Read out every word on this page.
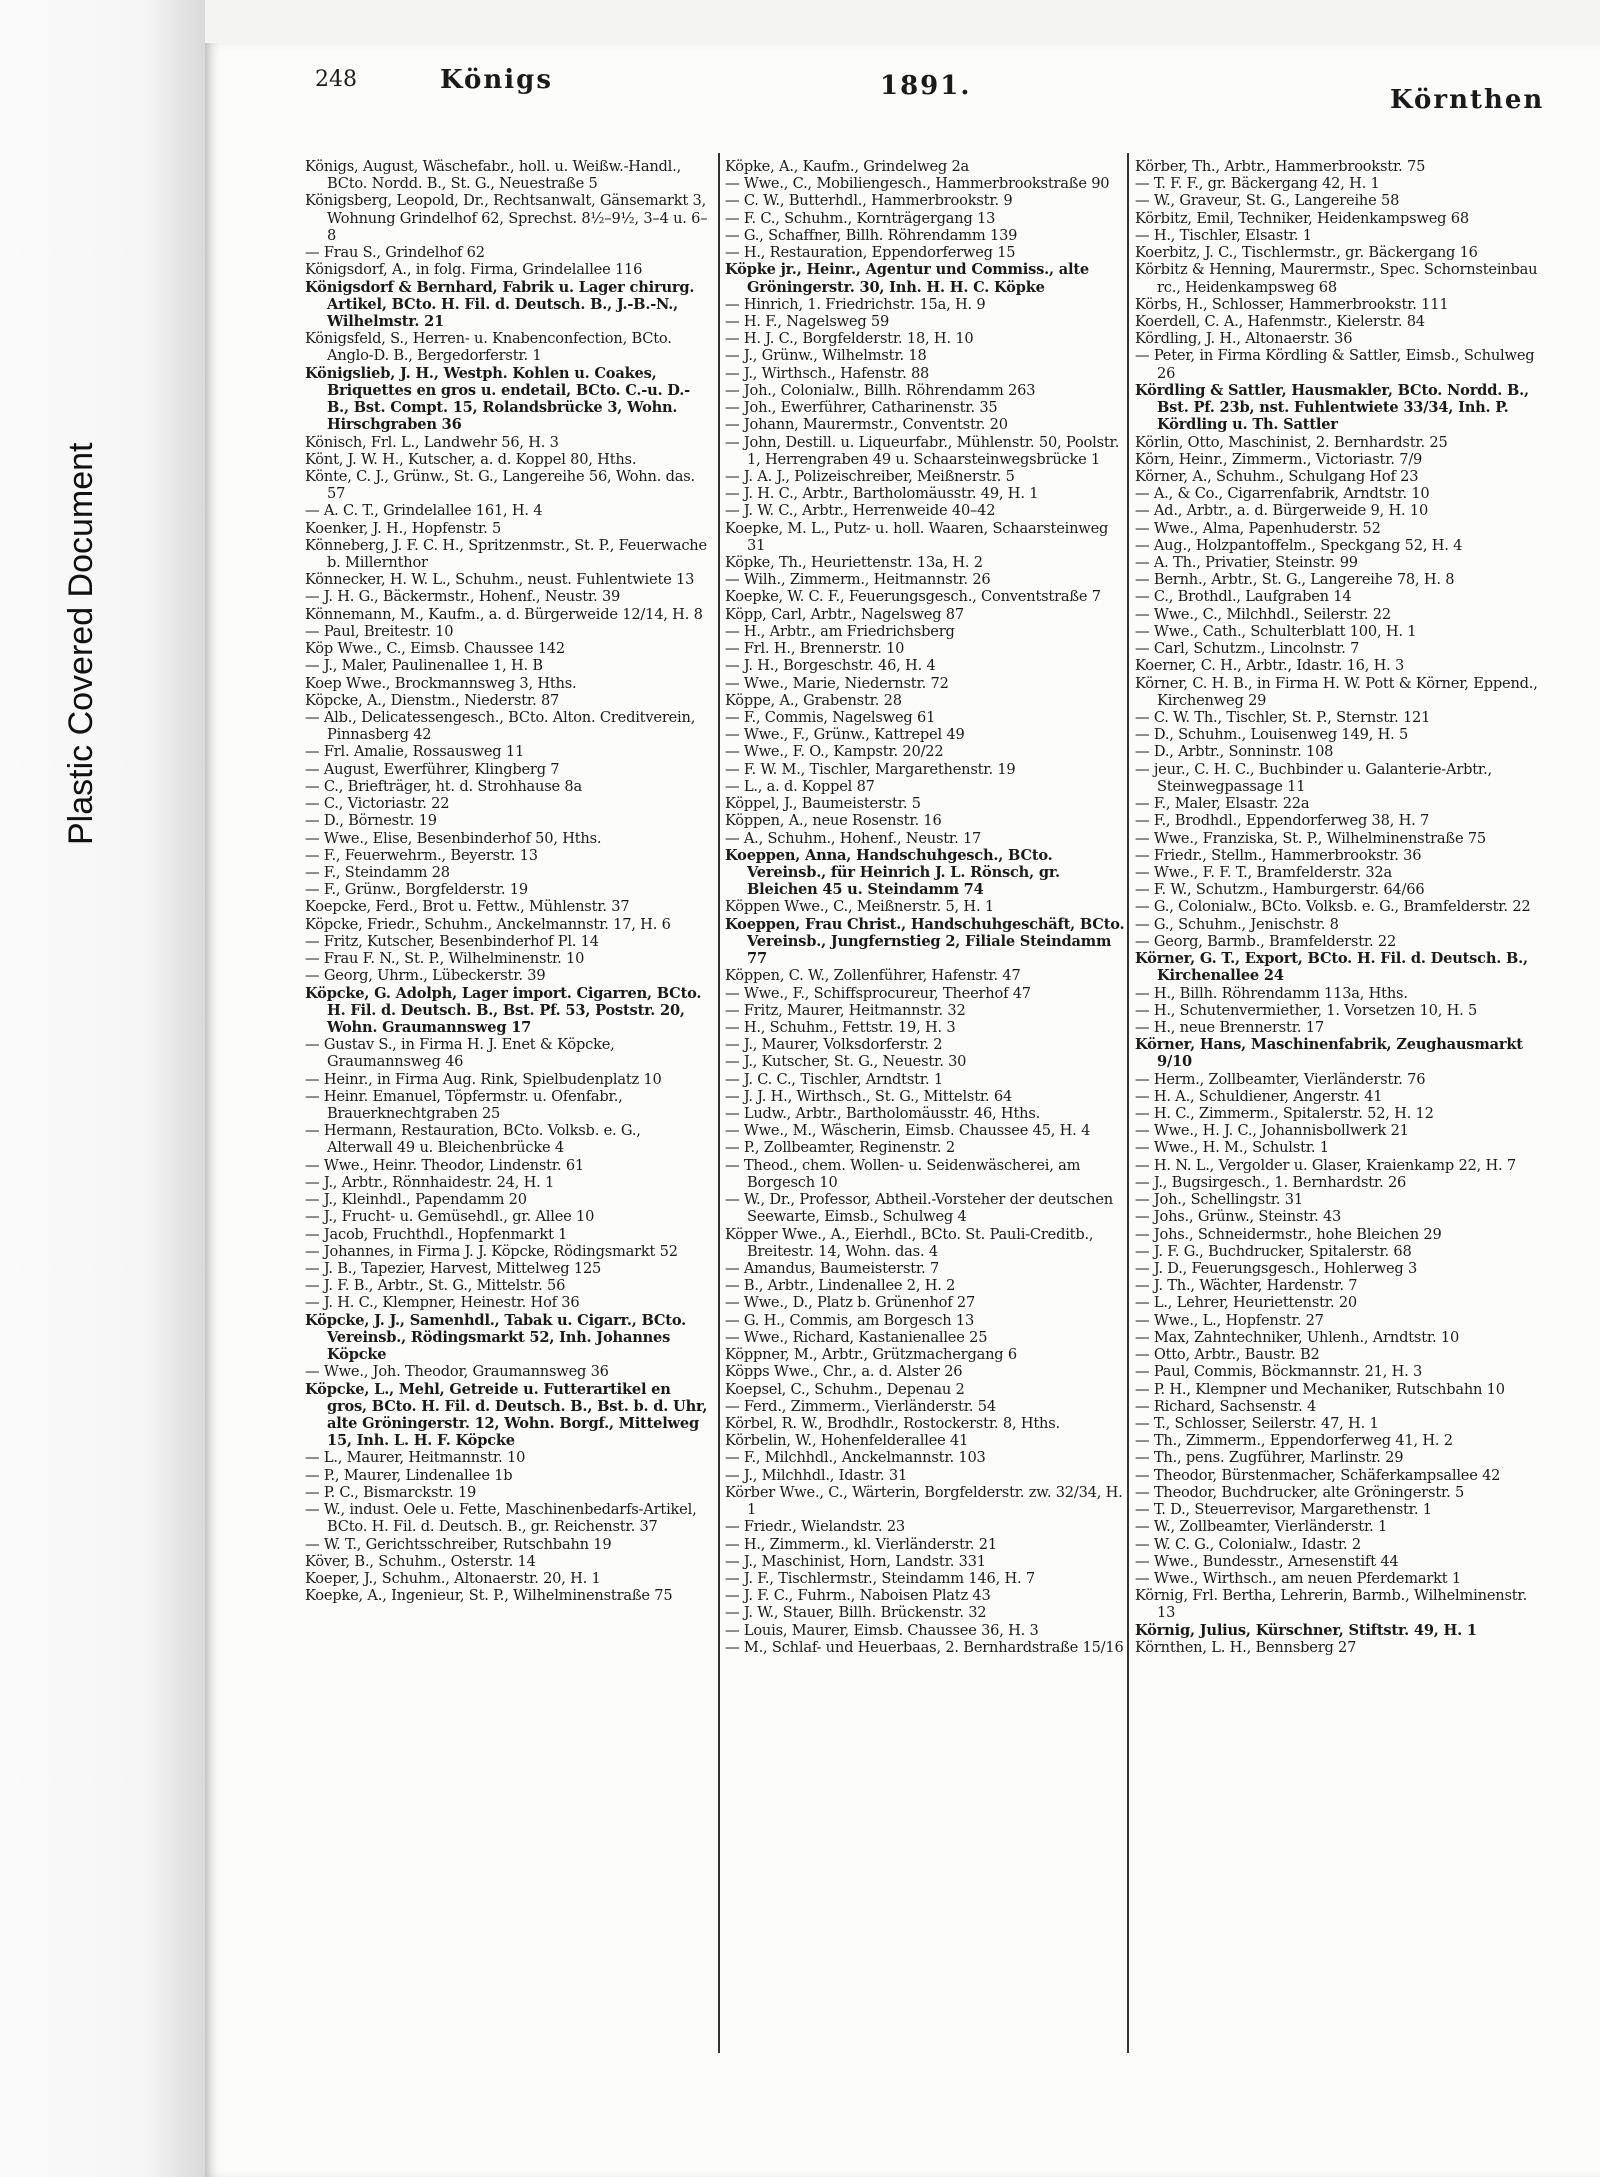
Plastic Covered Document
248	Königs	1891.	Körnthen

Königs, August, Wäschefabr., holl. u. Weißw.-Handl., BCto. Nordd. B., St. G., Neuestraße 5

Königsberg, Leopold, Dr., Rechtsanwalt, Gänsemarkt 3, Wohnung Grindelhof 62, Sprechst. 8½–9½, 3–4 u. 6–8

— Frau S., Grindelhof 62

Königsdorf, A., in folg. Firma, Grindelallee 116

Königsdorf & Bernhard, Fabrik u. Lager chirurg. Artikel, BCto. H. Fil. d. Deutsch. B., J.-B.-N., Wilhelmstr. 21

Königsfeld, S., Herren- u. Knabenconfection, BCto. Anglo-D. B., Bergedorferstr. 1

Königslieb, J. H., Westph. Kohlen u. Coakes, Briquettes en gros u. endetail, BCto. C.-u. D.-B., Bst. Compt. 15, Rolandsbrücke 3, Wohn. Hirschgraben 36

Könisch, Frl. L., Landwehr 56, H. 3

Könt, J. W. H., Kutscher, a. d. Koppel 80, Hths.

Könte, C. J., Grünw., St. G., Langereihe 56, Wohn. das. 57

— A. C. T., Grindelallee 161, H. 4

Koenker, J. H., Hopfenstr. 5

Könneberg, J. F. C. H., Spritzenmstr., St. P., Feuerwache b. Millernthor

Könnecker, H. W. L., Schuhm., neust. Fuhlentwiete 13

— J. H. G., Bäckermstr., Hohenf., Neustr. 39

Könnemann, M., Kaufm., a. d. Bürgerweide 12/14, H. 8

— Paul, Breitestr. 10

Köp Wwe., C., Eimsb. Chaussee 142

— J., Maler, Paulinenallee 1, H. B

Koep Wwe., Brockmannsweg 3, Hths.

Köpcke, A., Dienstm., Niederstr. 87

— Alb., Delicatessengesch., BCto. Alton. Creditverein, Pinnasberg 42

— Frl. Amalie, Rossausweg 11

— August, Ewerführer, Klingberg 7

— C., Briefträger, ht. d. Strohhause 8a

— C., Victoriastr. 22

— D., Börnestr. 19

— Wwe., Elise, Besenbinderhof 50, Hths.

— F., Feuerwehrm., Beyerstr. 13

— F., Steindamm 28

— F., Grünw., Borgfelderstr. 19

Koepcke, Ferd., Brot u. Fettw., Mühlenstr. 37

Köpcke, Friedr., Schuhm., Anckelmannstr. 17, H. 6

— Fritz, Kutscher, Besenbinderhof Pl. 14

— Frau F. N., St. P., Wilhelminenstr. 10

— Georg, Uhrm., Lübeckerstr. 39

Köpcke, G. Adolph, Lager import. Cigarren, BCto. H. Fil. d. Deutsch. B., Bst. Pf. 53, Poststr. 20, Wohn. Graumannsweg 17

— Gustav S., in Firma H. J. Enet & Köpcke, Graumannsweg 46

— Heinr., in Firma Aug. Rink, Spielbudenplatz 10

— Heinr. Emanuel, Töpfermstr. u. Ofenfabr., Brauerknechtgraben 25

— Hermann, Restauration, BCto. Volksb. e. G., Alterwall 49 u. Bleichenbrücke 4

— Wwe., Heinr. Theodor, Lindenstr. 61

— J., Arbtr., Rönnhaidestr. 24, H. 1

— J., Kleinhdl., Papendamm 20

— J., Frucht- u. Gemüsehdl., gr. Allee 10

— Jacob, Fruchthdl., Hopfenmarkt 1

— Johannes, in Firma J. J. Köpcke, Rödingsmarkt 52

— J. B., Tapezier, Harvest, Mittelweg 125

— J. F. B., Arbtr., St. G., Mittelstr. 56

— J. H. C., Klempner, Heinestr. Hof 36

Köpcke, J. J., Samenhdl., Tabak u. Cigarr., BCto. Vereinsb., Rödingsmarkt 52, Inh. Johannes Köpcke

— Wwe., Joh. Theodor, Graumannsweg 36

Köpcke, L., Mehl, Getreide u. Futterartikel en gros, BCto. H. Fil. d. Deutsch. B., Bst. b. d. Uhr, alte Gröningerstr. 12, Wohn. Borgf., Mittelweg 15, Inh. L. H. F. Köpcke

— L., Maurer, Heitmannstr. 10

— P., Maurer, Lindenallee 1b

— P. C., Bismarckstr. 19

— W., indust. Oele u. Fette, Maschinenbedarfs-Artikel, BCto. H. Fil. d. Deutsch. B., gr. Reichenstr. 37

— W. T., Gerichtsschreiber, Rutschbahn 19

Köver, B., Schuhm., Osterstr. 14

Koeper, J., Schuhm., Altonaerstr. 20, H. 1

Koepke, A., Ingenieur, St. P., Wilhelminenstraße 75

Köpke, A., Kaufm., Grindelweg 2a

— Wwe., C., Mobiliengesch., Hammerbrookstraße 90

— C. W., Butterhdl., Hammerbrookstr. 9

— F. C., Schuhm., Kornträgergang 13

— G., Schaffner, Billh. Röhrendamm 139

— H., Restauration, Eppendorferweg 15

Köpke jr., Heinr., Agentur und Commiss., alte Gröningerstr. 30, Inh. H. H. C. Köpke

— Hinrich, 1. Friedrichstr. 15a, H. 9

— H. F., Nagelsweg 59

— H. J. C., Borgfelderstr. 18, H. 10

— J., Grünw., Wilhelmstr. 18

— J., Wirthsch., Hafenstr. 88

— Joh., Colonialw., Billh. Röhrendamm 263

— Joh., Ewerführer, Catharinenstr. 35

— Johann, Maurermstr., Conventstr. 20

— John, Destill. u. Liqueurfabr., Mühlenstr. 50, Poolstr. 1, Herrengraben 49 u. Schaarsteinwegsbrücke 1

— J. A. J., Polizeischreiber, Meißnerstr. 5

— J. H. C., Arbtr., Bartholomäusstr. 49, H. 1

— J. W. C., Arbtr., Herrenweide 40–42

Koepke, M. L., Putz- u. holl. Waaren, Schaarsteinweg 31

Köpke, Th., Heuriettenstr. 13a, H. 2

— Wilh., Zimmerm., Heitmannstr. 26

Koepke, W. C. F., Feuerungsgesch., Conventstraße 7

Köpp, Carl, Arbtr., Nagelsweg 87

— H., Arbtr., am Friedrichsberg

— Frl. H., Brennerstr. 10

— J. H., Borgeschstr. 46, H. 4

— Wwe., Marie, Niedernstr. 72

Köppe, A., Grabenstr. 28

— F., Commis, Nagelsweg 61

— Wwe., F., Grünw., Kattrepel 49

— Wwe., F. O., Kampstr. 20/22

— F. W. M., Tischler, Margarethenstr. 19

— L., a. d. Koppel 87

Köppel, J., Baumeisterstr. 5

Köppen, A., neue Rosenstr. 16

— A., Schuhm., Hohenf., Neustr. 17

Koeppen, Anna, Handschuhgesch., BCto. Vereinsb., für Heinrich J. L. Rönsch, gr. Bleichen 45 u. Steindamm 74

Köppen Wwe., C., Meißnerstr. 5, H. 1

Koeppen, Frau Christ., Handschuhgeschäft, BCto. Vereinsb., Jungfernstieg 2, Filiale Steindamm 77

Köppen, C. W., Zollenführer, Hafenstr. 47

— Wwe., F., Schiffsprocureur, Theerhof 47

— Fritz, Maurer, Heitmannstr. 32

— H., Schuhm., Fettstr. 19, H. 3

— J., Maurer, Volksdorferstr. 2

— J., Kutscher, St. G., Neuestr. 30

— J. C. C., Tischler, Arndtstr. 1

— J. J. H., Wirthsch., St. G., Mittelstr. 64

— Ludw., Arbtr., Bartholomäusstr. 46, Hths.

— Wwe., M., Wäscherin, Eimsb. Chaussee 45, H. 4

— P., Zollbeamter, Reginenstr. 2

— Theod., chem. Wollen- u. Seidenwäscherei, am Borgesch 10

— W., Dr., Professor, Abtheil.-Vorsteher der deutschen Seewarte, Eimsb., Schulweg 4

Köpper Wwe., A., Eierhdl., BCto. St. Pauli-Creditb., Breitestr. 14, Wohn. das. 4

— Amandus, Baumeisterstr. 7

— B., Arbtr., Lindenallee 2, H. 2

— Wwe., D., Platz b. Grünenhof 27

— G. H., Commis, am Borgesch 13

— Wwe., Richard, Kastanienallee 25

Köppner, M., Arbtr., Grützmachergang 6

Köpps Wwe., Chr., a. d. Alster 26

Koepsel, C., Schuhm., Depenau 2

— Ferd., Zimmerm., Vierländerstr. 54

Körbel, R. W., Brodhdlr., Rostockerstr. 8, Hths.

Körbelin, W., Hohenfelderallee 41

— F., Milchhdl., Anckelmannstr. 103

— J., Milchhdl., Idastr. 31

Körber Wwe., C., Wärterin, Borgfelderstr. zw. 32/34, H. 1

— Friedr., Wielandstr. 23

— H., Zimmerm., kl. Vierländerstr. 21

— J., Maschinist, Horn, Landstr. 331

— J. F., Tischlermstr., Steindamm 146, H. 7

— J. F. C., Fuhrm., Naboisen Platz 43

— J. W., Stauer, Billh. Brückenstr. 32

— Louis, Maurer, Eimsb. Chaussee 36, H. 3

— M., Schlaf- und Heuerbaas, 2. Bernhardstraße 15/16

Körber, Th., Arbtr., Hammerbrookstr. 75

— T. F. F., gr. Bäckergang 42, H. 1

— W., Graveur, St. G., Langereihe 58

Körbitz, Emil, Techniker, Heidenkampsweg 68

— H., Tischler, Elsastr. 1

Koerbitz, J. C., Tischlermstr., gr. Bäckergang 16

Körbitz & Henning, Maurermstr., Spec. Schornsteinbau rc., Heidenkampsweg 68

Körbs, H., Schlosser, Hammerbrookstr. 111

Koerdell, C. A., Hafenmstr., Kielerstr. 84

Kördling, J. H., Altonaerstr. 36

— Peter, in Firma Kördling & Sattler, Eimsb., Schulweg 26

Kördling & Sattler, Hausmakler, BCto. Nordd. B., Bst. Pf. 23b, nst. Fuhlentwiete 33/34, Inh. P. Kördling u. Th. Sattler

Körlin, Otto, Maschinist, 2. Bernhardstr. 25

Körn, Heinr., Zimmerm., Victoriastr. 7/9

Körner, A., Schuhm., Schulgang Hof 23

— A., & Co., Cigarrenfabrik, Arndtstr. 10

— Ad., Arbtr., a. d. Bürgerweide 9, H. 10

— Wwe., Alma, Papenhuderstr. 52

— Aug., Holzpantoffelm., Speckgang 52, H. 4

— A. Th., Privatier, Steinstr. 99

— Bernh., Arbtr., St. G., Langereihe 78, H. 8

— C., Brothdl., Laufgraben 14

— Wwe., C., Milchhdl., Seilerstr. 22

— Wwe., Cath., Schulterblatt 100, H. 1

— Carl, Schutzm., Lincolnstr. 7

Koerner, C. H., Arbtr., Idastr. 16, H. 3

Körner, C. H. B., in Firma H. W. Pott & Körner, Eppend., Kirchenweg 29

— C. W. Th., Tischler, St. P., Sternstr. 121

— D., Schuhm., Louisenweg 149, H. 5

— D., Arbtr., Sonninstr. 108

— jeur., C. H. C., Buchbinder u. Galanterie-Arbtr., Steinwegpassage 11

— F., Maler, Elsastr. 22a

— F., Brodhdl., Eppendorferweg 38, H. 7

— Wwe., Franziska, St. P., Wilhelminenstraße 75

— Friedr., Stellm., Hammerbrookstr. 36

— Wwe., F. F. T., Bramfelderstr. 32a

— F. W., Schutzm., Hamburgerstr. 64/66

— G., Colonialw., BCto. Volksb. e. G., Bramfelderstr. 22

— G., Schuhm., Jenischstr. 8

— Georg, Barmb., Bramfelderstr. 22

Körner, G. T., Export, BCto. H. Fil. d. Deutsch. B., Kirchenallee 24

— H., Billh. Röhrendamm 113a, Hths.

— H., Schutenvermiether, 1. Vorsetzen 10, H. 5

— H., neue Brennerstr. 17

Körner, Hans, Maschinenfabrik, Zeughausmarkt 9/10

— Herm., Zollbeamter, Vierländerstr. 76

— H. A., Schuldiener, Angerstr. 41

— H. C., Zimmerm., Spitalerstr. 52, H. 12

— Wwe., H. J. C., Johannisbollwerk 21

— Wwe., H. M., Schulstr. 1

— H. N. L., Vergolder u. Glaser, Kraienkamp 22, H. 7

— J., Bugsirgesch., 1. Bernhardstr. 26

— Joh., Schellingstr. 31

— Johs., Grünw., Steinstr. 43

— Johs., Schneidermstr., hohe Bleichen 29

— J. F. G., Buchdrucker, Spitalerstr. 68

— J. D., Feuerungsgesch., Hohlerweg 3

— J. Th., Wächter, Hardenstr. 7

— L., Lehrer, Heuriettenstr. 20

— Wwe., L., Hopfenstr. 27

— Max, Zahntechniker, Uhlenh., Arndtstr. 10

— Otto, Arbtr., Baustr. B2

— Paul, Commis, Böckmannstr. 21, H. 3

— P. H., Klempner und Mechaniker, Rutschbahn 10

— Richard, Sachsenstr. 4

— T., Schlosser, Seilerstr. 47, H. 1

— Th., Zimmerm., Eppendorferweg 41, H. 2

— Th., pens. Zugführer, Marlinstr. 29

— Theodor, Bürstenmacher, Schäferkampsallee 42

— Theodor, Buchdrucker, alte Gröningerstr. 5

— T. D., Steuerrevisor, Margarethenstr. 1

— W., Zollbeamter, Vierländerstr. 1

— W. C. G., Colonialw., Idastr. 2

— Wwe., Bundesstr., Arnesenstift 44

— Wwe., Wirthsch., am neuen Pferdemarkt 1

Körnig, Frl. Bertha, Lehrerin, Barmb., Wilhelminenstr. 13

Körnig, Julius, Kürschner, Stiftstr. 49, H. 1

Körnthen, L. H., Bennsberg 27
